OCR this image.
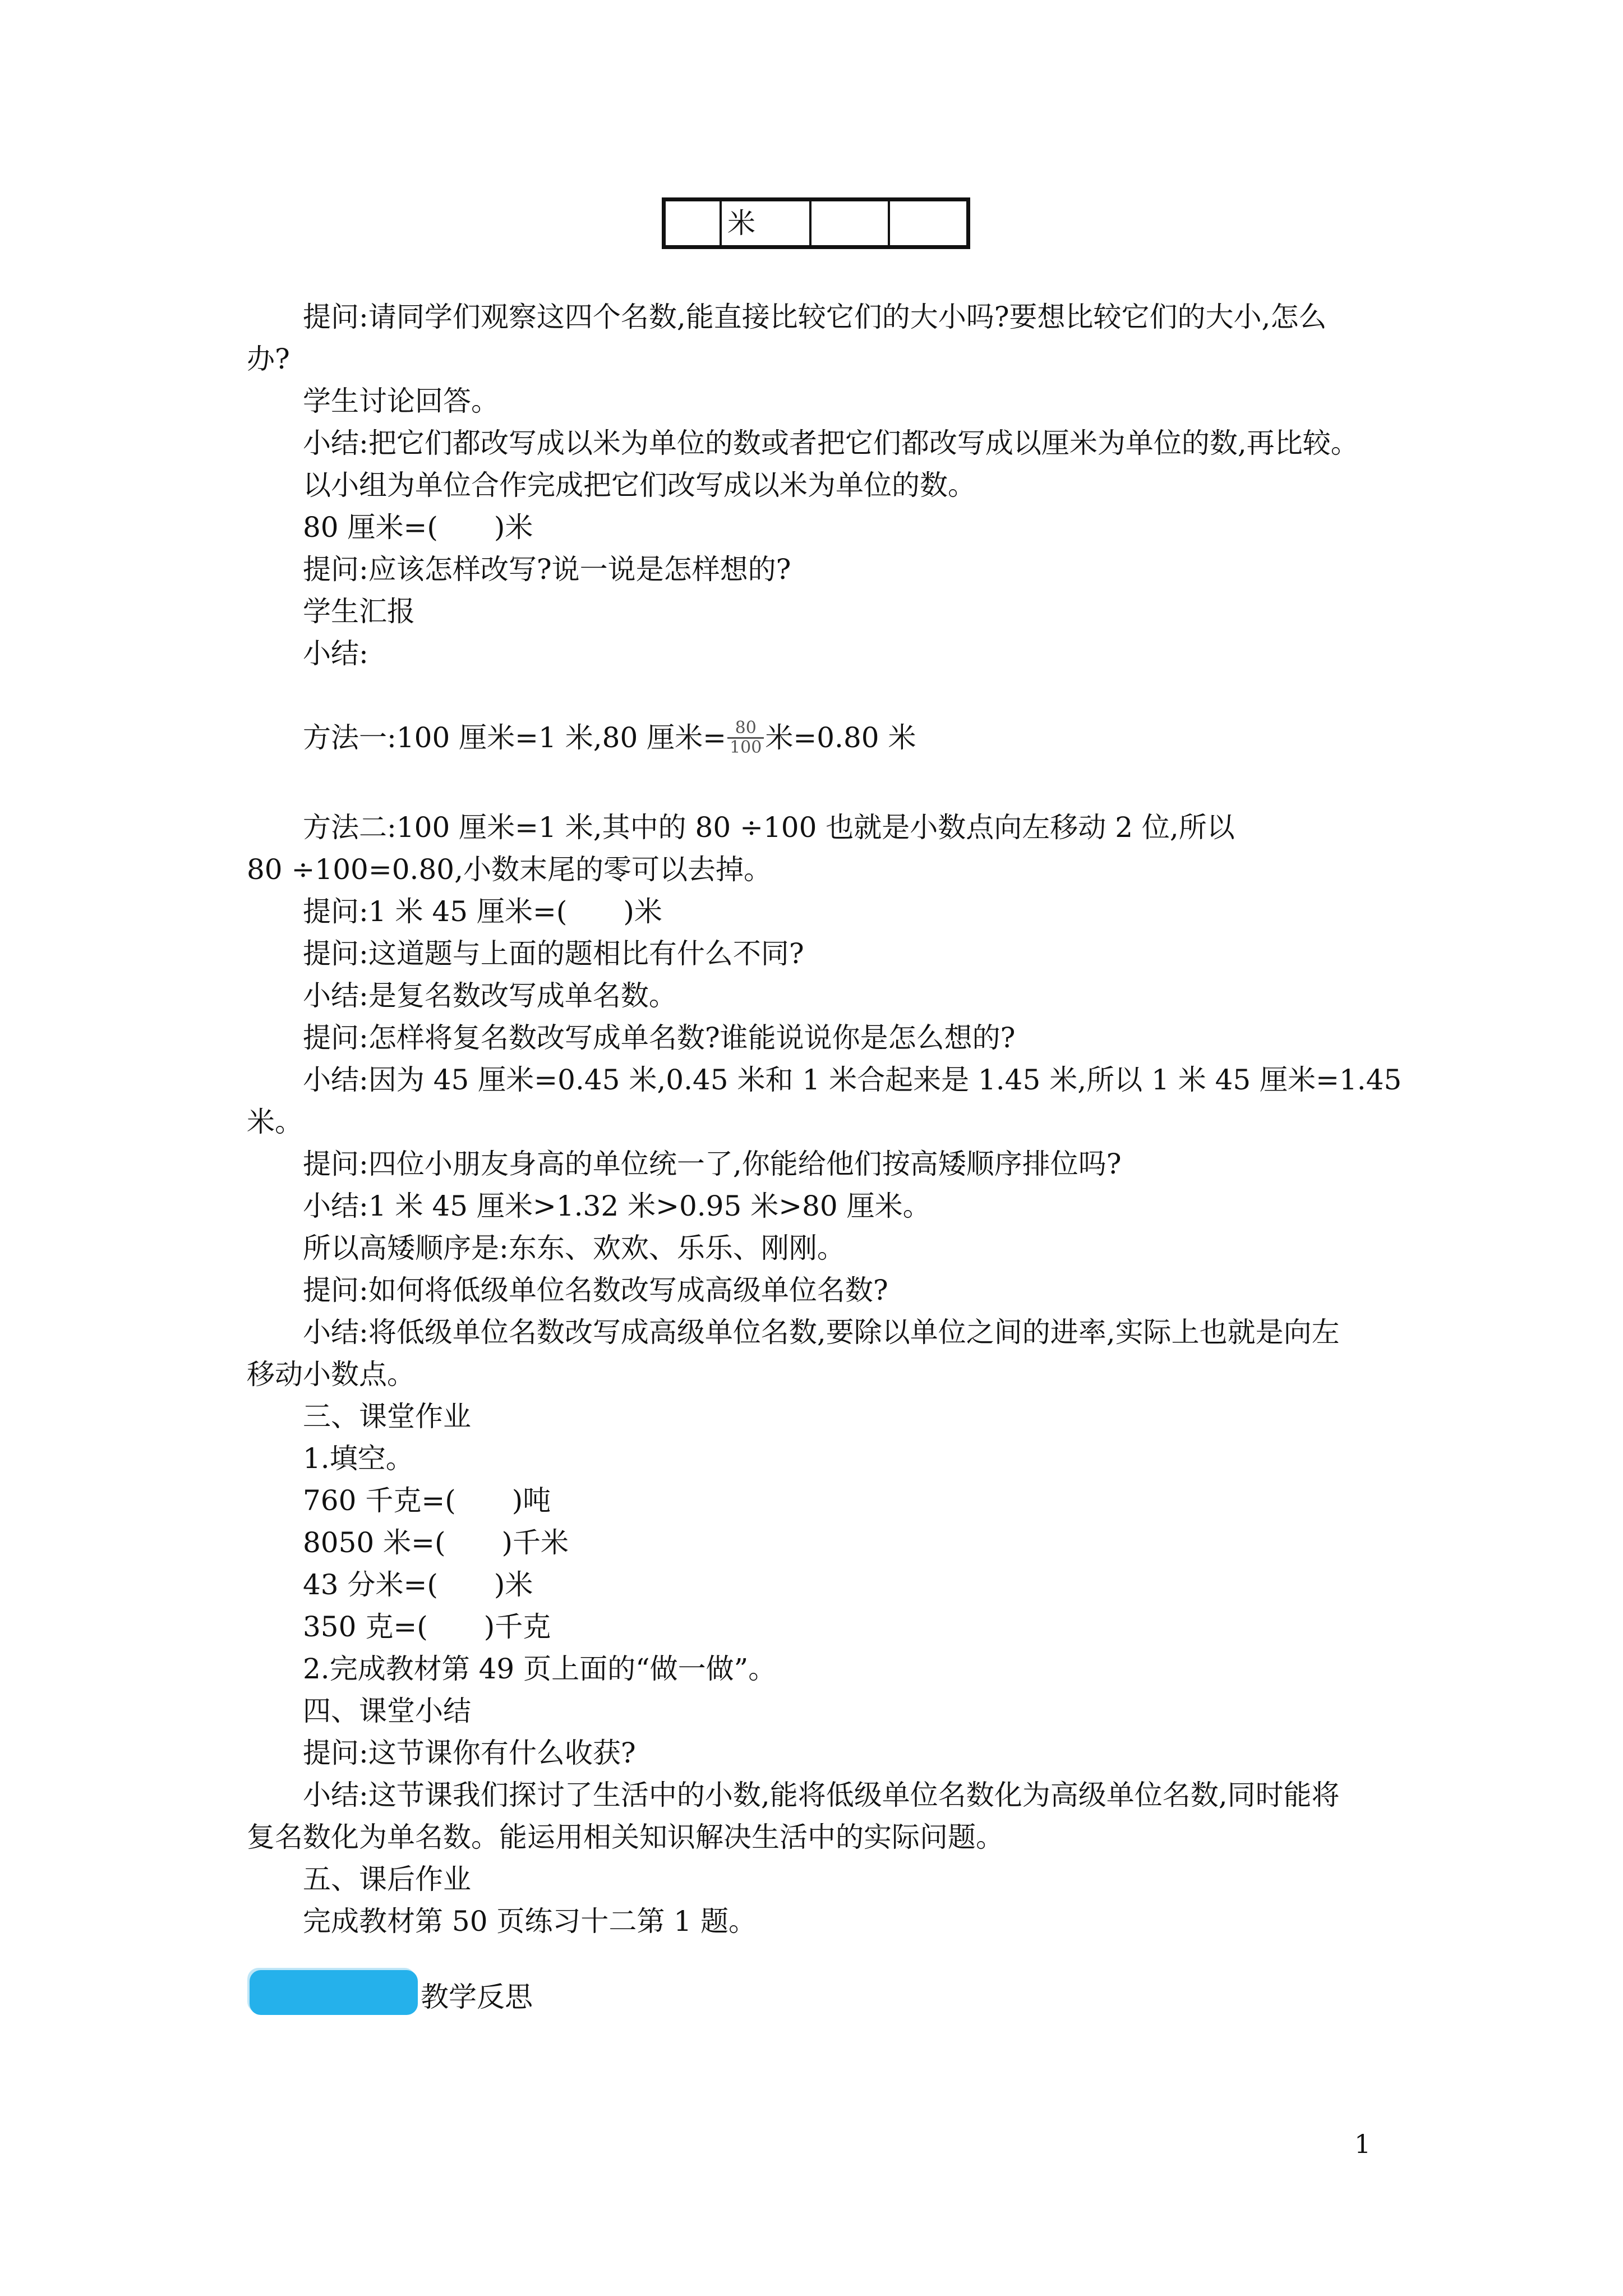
米
提问:请同学们观察这四个名数,能直接比较它们的大小吗?要想比较它们的大小,怎么
办?
学生讨论回答。
小结:把它们都改写成以米为单位的数或者把它们都改写成以厘米为单位的数,再比较。
以小组为单位合作完成把它们改写成以米为单位的数。
80 厘米=(　　)米
提问:应该怎样改写?说一说是怎样想的?
学生汇报
小结:
方法一:100 厘米=1 米,80 厘米= $\frac{80}{100}$ 米=0.80 米
方法二:100 厘米=1 米,其中的 80 ÷100 也就是小数点向左移动 2 位,所以
80 ÷100=0.80,小数末尾的零可以去掉。
提问:1 米 45 厘米=(　　)米
提问:这道题与上面的题相比有什么不同?
小结:是复名数改写成单名数。
提问:怎样将复名数改写成单名数?谁能说说你是怎么想的?
小结:因为 45 厘米=0.45 米,0.45 米和 1 米合起来是 1.45 米,所以 1 米 45 厘米=1.45
米。
提问:四位小朋友身高的单位统一了,你能给他们按高矮顺序排位吗?
小结:1 米 45 厘米>1.32 米>0.95 米>80 厘米。
所以高矮顺序是:东东、欢欢、乐乐、刚刚。
提问:如何将低级单位名数改写成高级单位名数?
小结:将低级单位名数改写成高级单位名数,要除以单位之间的进率,实际上也就是向左
移动小数点。
三、课堂作业
1.填空。
760 千克=(　　)吨
8050 米=(　　)千米
43 分米=(　　)米
350 克=(　　)千克
2.完成教材第 49 页上面的“做一做”。
四、课堂小结
提问:这节课你有什么收获?
小结:这节课我们探讨了生活中的小数,能将低级单位名数化为高级单位名数,同时能将
复名数化为单名数。能运用相关知识解决生活中的实际问题。
五、课后作业
完成教材第 50 页练习十二第 1 题。
教学反思
1
